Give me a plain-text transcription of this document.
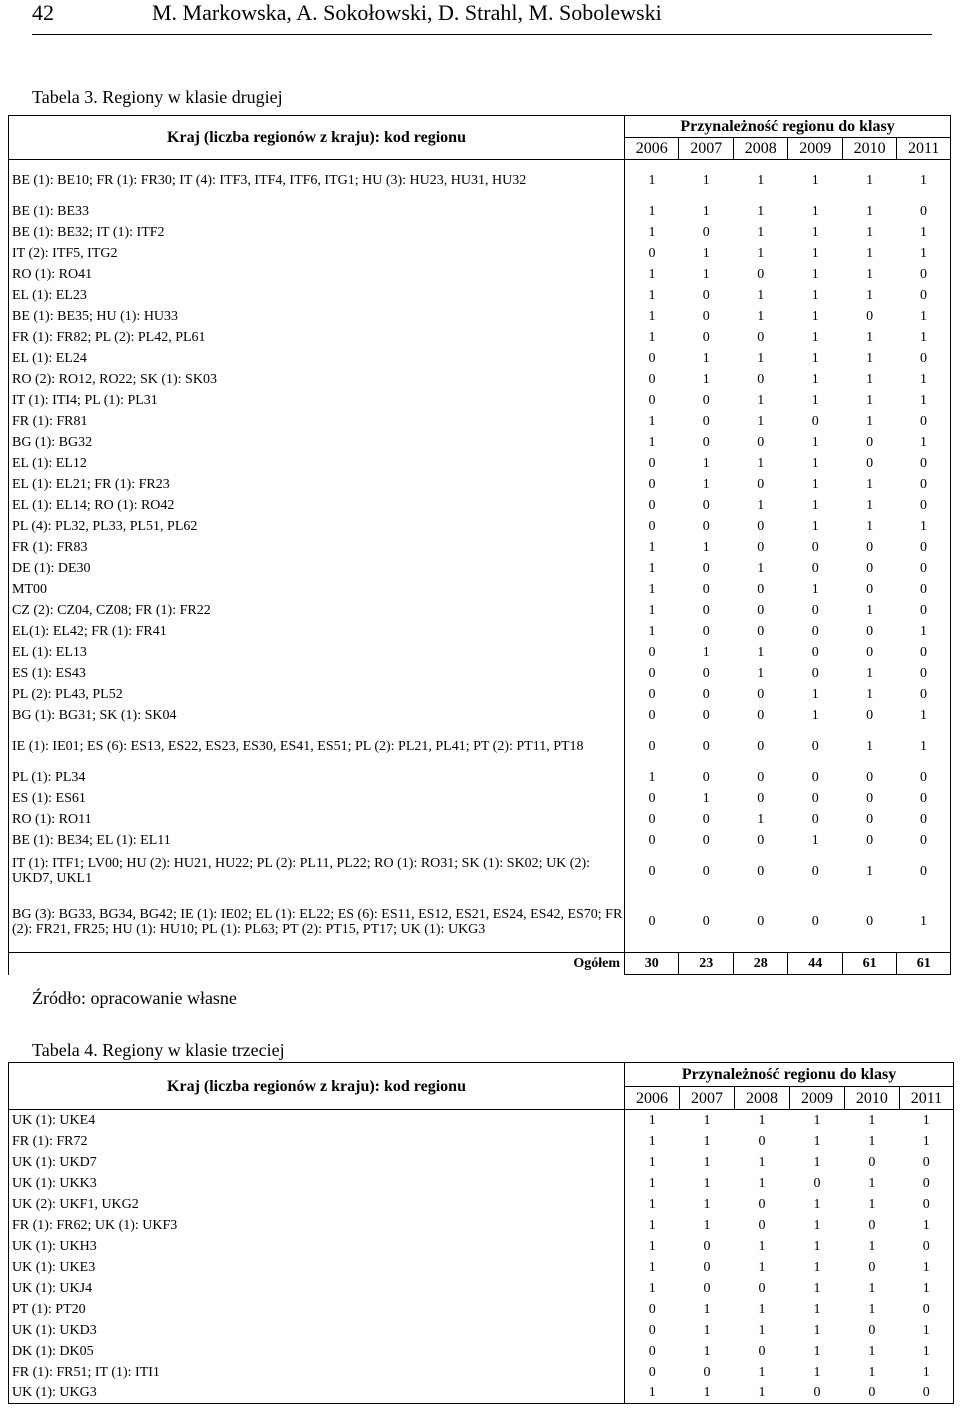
42	M. Markowska, A. Sokołowski, D. Strahl, M. Sobolewski
Tabela 3. Regiony w klasie drugiej
Kraj (liczba regionów z kraju): kod regionu	Przynależność regionu do klasy					
	2006	2007	2008	2009	2010	2011
BE (1): BE10; FR (1): FR30; IT (4): ITF3, ITF4, ITF6, ITG1; HU (3): HU23, HU31, HU32	1	1	1	1	1	1
BE (1): BE33	1	1	1	1	1	0
BE (1): BE32; IT (1): ITF2	1	0	1	1	1	1
IT (2): ITF5, ITG2	0	1	1	1	1	1
RO (1): RO41	1	1	0	1	1	0
EL (1): EL23	1	0	1	1	1	0
BE (1): BE35; HU (1): HU33	1	0	1	1	0	1
FR (1): FR82; PL (2): PL42, PL61	1	0	0	1	1	1
EL (1): EL24	0	1	1	1	1	0
RO (2): RO12, RO22; SK (1): SK03	0	1	0	1	1	1
IT (1): ITI4; PL (1): PL31	0	0	1	1	1	1
FR (1): FR81	1	0	1	0	1	0
BG (1): BG32	1	0	0	1	0	1
EL (1): EL12	0	1	1	1	0	0
EL (1): EL21; FR (1): FR23	0	1	0	1	1	0
EL (1): EL14; RO (1): RO42	0	0	1	1	1	0
PL (4): PL32, PL33, PL51, PL62	0	0	0	1	1	1
FR (1): FR83	1	1	0	0	0	0
DE (1): DE30	1	0	1	0	0	0
MT00	1	0	0	1	0	0
CZ (2): CZ04, CZ08; FR (1): FR22	1	0	0	0	1	0
EL(1): EL42; FR (1): FR41	1	0	0	0	0	1
EL (1): EL13	0	1	1	0	0	0
ES (1): ES43	0	0	1	0	1	0
PL (2): PL43, PL52	0	0	0	1	1	0
BG (1): BG31; SK (1): SK04	0	0	0	1	0	1
IE (1): IE01; ES (6): ES13, ES22, ES23, ES30, ES41, ES51; PL (2): PL21, PL41; PT (2): PT11, PT18	0	0	0	0	1	1
PL (1): PL34	1	0	0	0	0	0
ES (1): ES61	0	1	0	0	0	0
RO (1): RO11	0	0	1	0	0	0
BE (1): BE34; EL (1): EL11	0	0	0	1	0	0
IT (1): ITF1; LV00; HU (2): HU21, HU22; PL (2): PL11, PL22; RO (1): RO31; SK (1): SK02; UK (2): UKD7, UKL1	0	0	0	0	1	0
BG (3): BG33, BG34, BG42; IE (1): IE02; EL (1): EL22; ES (6): ES11, ES12, ES21, ES24, ES42, ES70; FR (2): FR21, FR25; HU (1): HU10; PL (1): PL63; PT (2): PT15, PT17; UK (1): UKG3	0	0	0	0	0	1
Ogółem	30	23	28	44	61	61
Źródło: opracowanie własne
Tabela 4. Regiony w klasie trzeciej
Kraj (liczba regionów z kraju): kod regionu	Przynależność regionu do klasy					
	2006	2007	2008	2009	2010	2011
UK (1): UKE4	1	1	1	1	1	1
FR (1): FR72	1	1	0	1	1	1
UK (1): UKD7	1	1	1	1	0	0
UK (1): UKK3	1	1	1	0	1	0
UK (2): UKF1, UKG2	1	1	0	1	1	0
FR (1): FR62; UK (1): UKF3	1	1	0	1	0	1
UK (1): UKH3	1	0	1	1	1	0
UK (1): UKE3	1	0	1	1	0	1
UK (1): UKJ4	1	0	0	1	1	1
PT (1): PT20	0	1	1	1	1	0
UK (1): UKD3	0	1	1	1	0	1
DK (1): DK05	0	1	0	1	1	1
FR (1): FR51; IT (1): ITI1	0	0	1	1	1	1
UK (1): UKG3	1	1	1	0	0	0
